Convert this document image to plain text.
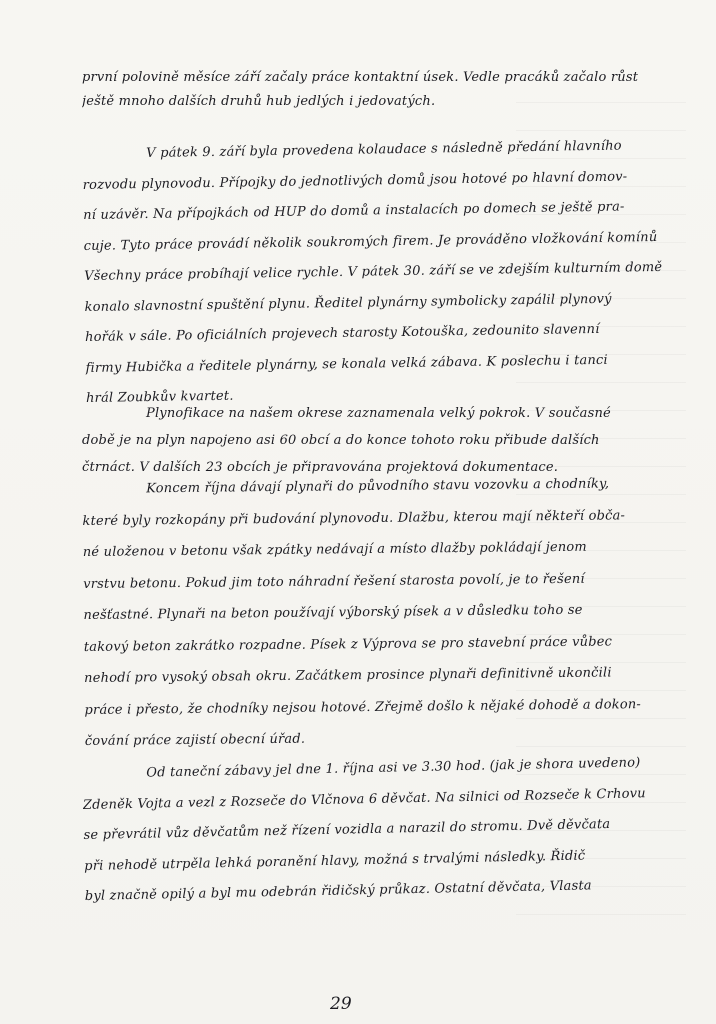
první polovině měsíce září začaly práce kontaktní úsek. Vedle pracáků začalo růst
ještě mnoho dalších druhů hub jedlých i jedovatých.
V pátek 9. září byla provedena kolaudace s následně předání hlavního
rozvodu plynovodu. Přípojky do jednotlivých domů jsou hotové po hlavní domov-
ní uzávěr. Na přípojkách od HUP do domů a instalacích po domech se ještě pra-
cuje. Tyto práce provádí několik soukromých firem. Je prováděno vložkování komínů
Všechny práce probíhají velice rychle. V pátek 30. září se ve zdejším kulturním domě
konalo slavnostní spuštění plynu. Ředitel plynárny symbolicky zapálil plynový
hořák v sále. Po oficiálních projevech starosty Kotouška, zedounito slavenní
firmy Hubička a ředitele plynárny, se konala velká zábava. K poslechu i tanci
hrál Zoubkův kvartet.
Plynofikace na našem okrese zaznamenala velký pokrok. V současné
době je na plyn napojeno asi 60 obcí a do konce tohoto roku přibude dalších
čtrnáct. V dalších 23 obcích je připravována projektová dokumentace.
Koncem října dávají plynaři do původního stavu vozovku a chodníky,
které byly rozkopány při budování plynovodu. Dlažbu, kterou mají někteří obča-
né uloženou v betonu však zpátky nedávají a místo dlažby pokládají jenom
vrstvu betonu. Pokud jim toto náhradní řešení starosta povolí, je to řešení
nešťastné. Plynaři na beton používají výborský písek a v důsledku toho se
takový beton zakrátko rozpadne. Písek z Výprova se pro stavební práce vůbec
nehodí pro vysoký obsah okru. Začátkem prosince plynaři definitivně ukončili
práce i přesto, že chodníky nejsou hotové. Zřejmě došlo k nějaké dohodě a dokon-
čování práce zajistí obecní úřad.
Od taneční zábavy jel dne 1. října asi ve 3.30 hod. (jak je shora uvedeno)
Zdeněk Vojta a vezl z Rozseče do Vlčnova 6 děvčat. Na silnici od Rozseče k Crhovu
se převrátil vůz děvčatům než řízení vozidla a narazil do stromu. Dvě děvčata
při nehodě utrpěla lehká poranění hlavy, možná s trvalými následky. Řidič
byl značně opilý a byl mu odebrán řidičský průkaz. Ostatní děvčata, Vlasta
29
